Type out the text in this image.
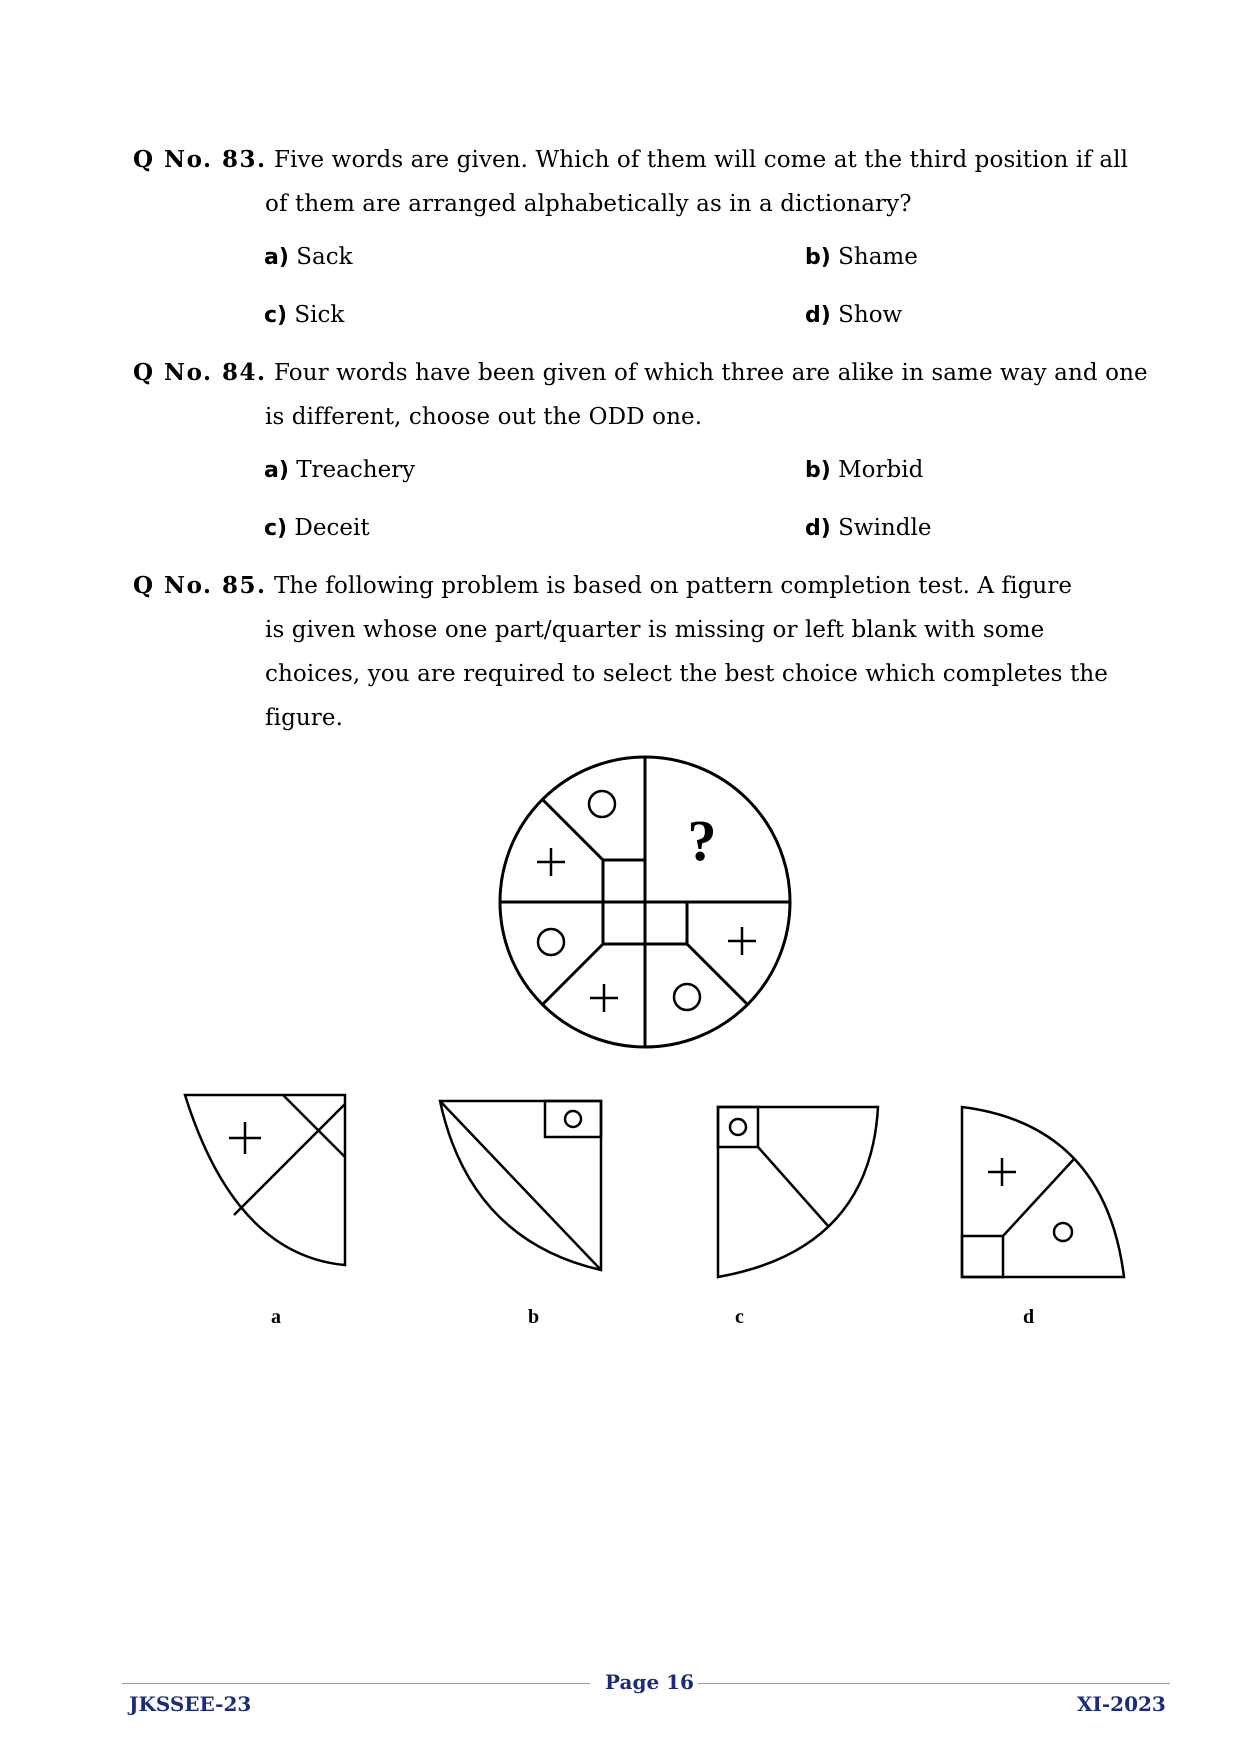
Q No. 83. Five words are given. Which of them will come at the third position if all
of them are arranged alphabetically as in a dictionary?
a) Sack	b) Shame
c) Sick	d) Show
Q No. 84. Four words have been given of which three are alike in same way and one
is different, choose out the ODD one.
a) Treachery	b) Morbid
c) Deceit	d) Swindle
Q No. 85. The following problem is based on pattern completion test. A figure
is given whose one part/quarter is missing or left blank with some
choices, you are required to select the best choice which completes the
figure.
?
a	b	c	d
Page 16
JKSSEE-23	XI-2023
